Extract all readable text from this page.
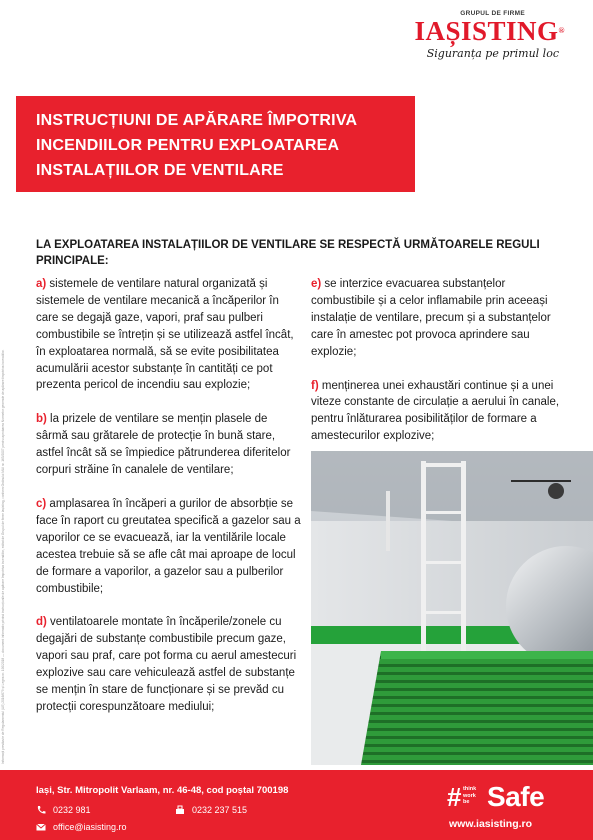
Informații prevăzute de Regulamentul (UE) 2016/679 și Legea nr. 190/2018 — document informativ privind instrucțiunile de apărare împotriva incendiilor, editat de Grupul de firme Iașisting, conform Ordinului MAI nr. 163/2007 pentru aprobarea Normelor generale de apărare împotriva incendiilor.
GRUPUL DE FIRME
IAȘISTING®
Siguranța pe primul loc
INSTRUCȚIUNI DE APĂRARE ÎMPOTRIVA
INCENDIILOR PENTRU EXPLOATAREA
INSTALAȚIILOR DE VENTILARE
LA EXPLOATAREA INSTALAȚIILOR DE VENTILARE SE RESPECTĂ URMĂTOARELE REGULI PRINCIPALE:

a) sistemele de ventilare natural organizată și sistemele de ventilare mecanică a încăperilor în care se degajă gaze, vapori, praf sau pulberi combustibile se întrețin și se utilizează astfel încât, în exploatarea normală, să se evite posibilitatea acumulării acestor substanțe în cantități ce pot prezenta pericol de incendiu sau explozie;

b) la prizele de ventilare se mențin plasele de sârmă sau grătarele de protecție în bună stare, astfel încât să se împiedice pătrunderea diferitelor corpuri străine în canalele de ventilare;

c) amplasarea în încăperi a gurilor de absorbție se face în raport cu greutatea specifică a gazelor sau a vaporilor ce se evacuează, iar la ventilările locale acestea trebuie să se afle cât mai aproape de locul de formare a vaporilor, a gazelor sau a pulberilor combustibile;

d) ventilatoarele montate în încăperile/zonele cu degajări de substanțe combustibile precum gaze, vapori sau praf, care pot forma cu aerul amestecuri explozive sau care vehiculează astfel de substanțe se mențin în stare de funcționare și se prevăd cu protecții corespunzătoare mediului;

e) se interzice evacuarea substanțelor combustibile și a celor inflamabile prin aceeași instalație de ventilare, precum și a substanțelor care în amestec pot provoca aprindere sau explozie;

f) menținerea unei exhaustări continue și a unei viteze constante de circulație a aerului în canale, pentru înlăturarea posibilităților de formare a amestecurilor explozive;

Iași, Str. Mitropolit Varlaam, nr. 46-48, cod poștal 700198
0232 981	0232 237 515
office@iasisting.ro
# think
work
be Safe
www.iasisting.ro
